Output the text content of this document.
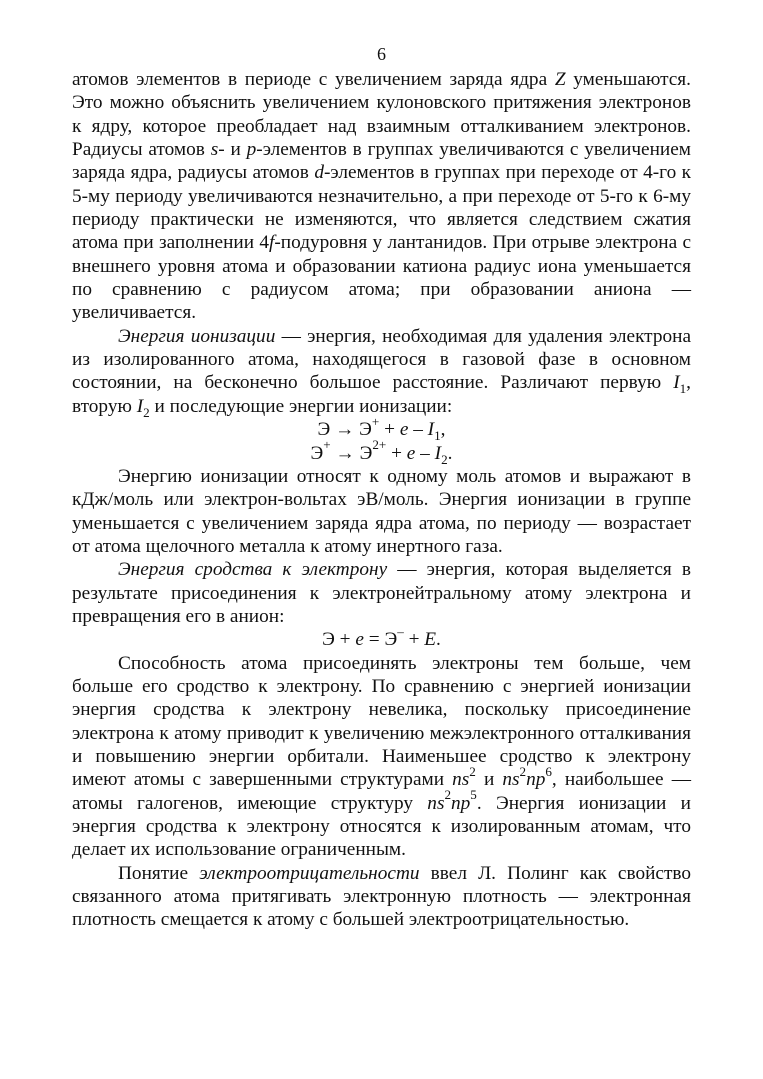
6

атомов элементов в периоде с увеличением заряда ядра Z уменьшаются. Это можно объяснить увеличением кулоновского притяжения электронов к ядру, которое преобладает над взаимным отталкиванием электронов. Радиусы атомов s- и p-элементов в группах увеличиваются с увеличением заряда ядра, радиусы атомов d-элементов в группах при переходе от 4-го к 5-му периоду увеличиваются незначительно, а при переходе от 5-го к 6-му периоду практически не изменяются, что является следствием сжатия атома при заполнении 4f-подуровня у лантанидов. При отрыве электрона с внешнего уровня атома и образовании катиона радиус иона уменьшается по сравнению с радиусом атома; при образовании аниона — увеличивается.

Энергия ионизации — энергия, необходимая для удаления электрона из изолированного атома, находящегося в газовой фазе в основном состоянии, на бесконечно большое расстояние. Различают первую $I_1$, вторую $I_2$ и последующие энергии ионизации:

$Э \to Э^+ + e - I_1$,
$Э^+ \to Э^{2+} + e - I_2$.

Энергию ионизации относят к одному моль атомов и выражают в кДж/моль или электрон-вольтах эВ/моль. Энергия ионизации в группе уменьшается с увеличением заряда ядра атома, по периоду — возрастает от атома щелочного металла к атому инертного газа.

Энергия сродства к электрону — энергия, которая выделяется в результате присоединения к электронейтральному атому электрона и превращения его в анион:

Э + e = Э– + E.

Способность атома присоединять электроны тем больше, чем больше его сродство к электрону. По сравнению с энергией ионизации энергия сродства к электрону невелика, поскольку присоединение электрона к атому приводит к увеличению межэлектронного отталкивания и повышению энергии орбитали. Наименьшее сродство к электрону имеют атомы с завершенными структурами $ns^2$ и $ns^2np^6$, наибольшее — атомы галогенов, имеющие структуру $ns^2np^5$. Энергия ионизации и энергия сродства к электрону относятся к изолированным атомам, что делает их использование ограниченным.

Понятие электроотрицательности ввел Л. Полинг как свойство связанного атома притягивать электронную плотность — электронная плотность смещается к атому с большей электроотрицательностью.
